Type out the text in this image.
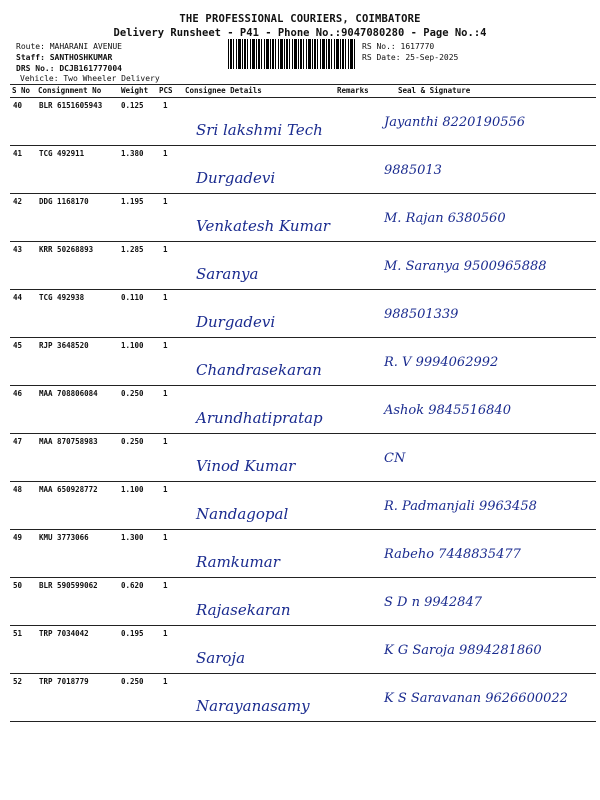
THE PROFESSIONAL COURIERS, COIMBATORE
Delivery Runsheet - P41 - Phone No.:9047080280 - Page No.:4
Route: MAHARANI AVENUE
Staff: SANTHOSHKUMAR
DRS No.: DCJB161777004
Vehicle: Two Wheeler Delivery
RS No.: 1617770
RS Date: 25-Sep-2025
S No Consignment No	Weight PCS Consignee Details	Remarks	Seal & Signature
40 BLR 6151605943	0.125	1
Sri lakshmi Tech	Jayanthi 8220190556
41 TCG 492911	1.380	1
Durgadevi	9885013
42 DDG 1168170	1.195	1
Venkatesh Kumar	M. Rajan 6380560
43 KRR 50268893	1.285	1
Saranya	M. Saranya 9500965888
44 TCG 492938	0.110	1
Durgadevi	988501339
45 RJP 3648520	1.100	1
Chandrasekaran	R. V 9994062992
46 MAA 708806084	0.250	1
Arundhatipratap	Ashok 9845516840
47 MAA 870758983	0.250	1
Vinod Kumar	CN
48 MAA 650928772	1.100	1
Nandagopal	R. Padmanjali 9963458
49 KMU 3773066	1.300	1
Ramkumar	Rabeho 7448835477
50 BLR 590599062	0.620	1
Rajasekaran	S D n 9942847
51 TRP 7034042	0.195	1
Saroja	K G Saroja 9894281860
52 TRP 7018779	0.250	1
Narayanasamy	K S Saravanan 9626600022
